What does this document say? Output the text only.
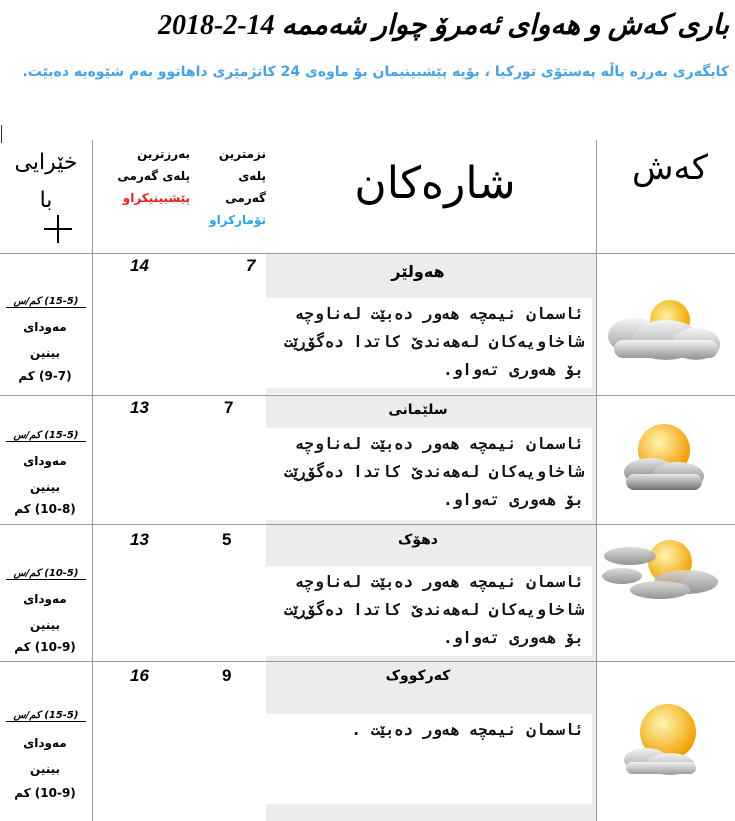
باری کەش و هەوای ئەمرۆ چوار شەممە 14-2-2018
کایگەری بەرزە پاڵە پەستۆی تورکیا ، بۆیە پێشبینیمان بۆ ماوەی 24 کاتژمێری داهاتوو بەم شێوەیە دەبێت.
کەش
شارەکان
نزمترین
پلەی
گەرمی
تۆمارکراو
بەرزترین
پلەی گەرمی
پێشبینیکراو
خێرایی
با
هەولێر
ئاسمان نیمچە هەور دەبێت لەناوچە شاخاویەکان لەهەندێ کاتدا دەگۆڕێت بۆ هەوری تەواو.
14	7
(15-5) کم/س
مەودای
بینین
(9-7) کم
سلێمانی
ئاسمان نیمچە هەور دەبێت لەناوچە شاخاویەکان لەهەندێ کاتدا دەگۆڕێت بۆ هەوری تەواو.
13	7
(15-5) کم/س
مەودای
بینین
(10-8) کم
دهۆک
ئاسمان نیمچە هەور دەبێت لەناوچە شاخاویەکان لەهەندێ کاتدا دەگۆڕێت بۆ هەوری تەواو.
13	5
(10-5) کم/س
مەودای
بینین
(10-9) کم
کەرکووک
ئاسمان نیمچە هەور دەبێت .
16	9
(15-5) کم/س
مەودای
بینین
(10-9) کم
